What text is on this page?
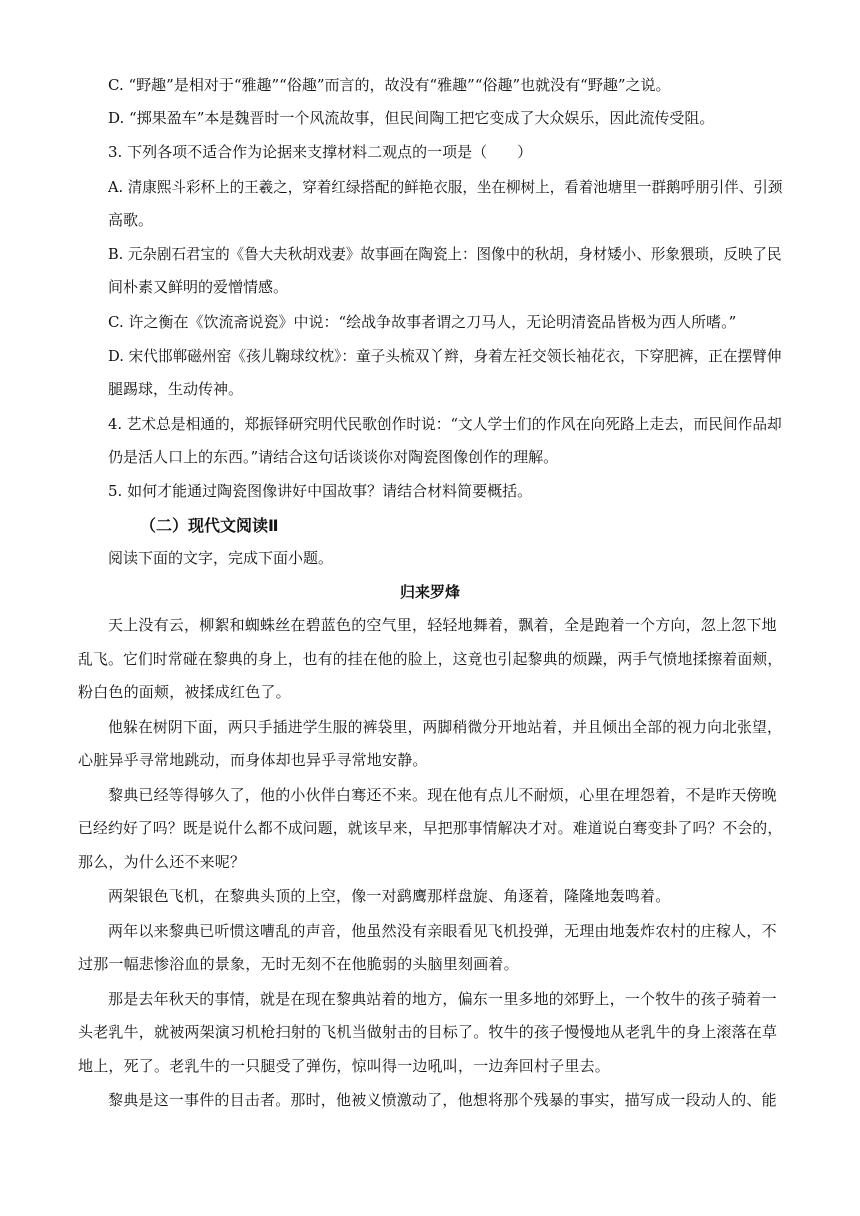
C. “野趣”是相对于“雅趣”“俗趣”而言的，故没有“雅趣”“俗趣”也就没有“野趣”之说。
D. “掷果盈车”本是魏晋时一个风流故事，但民间陶工把它变成了大众娱乐，因此流传受阻。
3. 下列各项不适合作为论据来支撑材料二观点的一项是（　　）
A. 清康熙斗彩杯上的王羲之，穿着红绿搭配的鲜艳衣服，坐在柳树上，看着池塘里一群鹅呼朋引伴、引颈
高歌。
B. 元杂剧石君宝的《鲁大夫秋胡戏妻》故事画在陶瓷上：图像中的秋胡，身材矮小、形象猥琐，反映了民
间朴素又鲜明的爱憎情感。
C. 许之衡在《饮流斋说瓷》中说：“绘战争故事者谓之刀马人，无论明清瓷品皆极为西人所嗜。”
D. 宋代邯郸磁州窑《孩儿鞠球纹枕》：童子头梳双丫辫，身着左衽交领长袖花衣，下穿肥裤，正在摆臂伸
腿踢球，生动传神。
4. 艺术总是相通的，郑振铎研究明代民歌创作时说：“文人学士们的作风在向死路上走去，而民间作品却
仍是活人口上的东西。”请结合这句话谈谈你对陶瓷图像创作的理解。
5. 如何才能通过陶瓷图像讲好中国故事？请结合材料简要概括。
（二）现代文阅读Ⅱ
阅读下面的文字，完成下面小题。
归来罗烽
天上没有云，柳絮和蜘蛛丝在碧蓝色的空气里，轻轻地舞着，飘着，全是跑着一个方向，忽上忽下地
乱飞。它们时常碰在黎典的身上，也有的挂在他的脸上，这竟也引起黎典的烦躁，两手气愤地揉擦着面颊，
粉白色的面颊，被揉成红色了。
他躲在树阴下面，两只手插进学生服的裤袋里，两脚稍微分开地站着，并且倾出全部的视力向北张望，
心脏异乎寻常地跳动，而身体却也异乎寻常地安静。
黎典已经等得够久了，他的小伙伴白骞还不来。现在他有点儿不耐烦，心里在埋怨着，不是昨天傍晚
已经约好了吗？既是说什么都不成问题，就该早来，早把那事情解决才对。难道说白骞变卦了吗？不会的，
那么，为什么还不来呢？
两架银色飞机，在黎典头顶的上空，像一对鹞鹰那样盘旋、角逐着，隆隆地轰鸣着。
两年以来黎典已听惯这嘈乱的声音，他虽然没有亲眼看见飞机投弹，无理由地轰炸农村的庄稼人，不
过那一幅悲惨浴血的景象，无时无刻不在他脆弱的头脑里刻画着。
那是去年秋天的事情，就是在现在黎典站着的地方，偏东一里多地的郊野上，一个牧牛的孩子骑着一
头老乳牛，就被两架演习机枪扫射的飞机当做射击的目标了。牧牛的孩子慢慢地从老乳牛的身上滚落在草
地上，死了。老乳牛的一只腿受了弹伤，惊叫得一边吼叫，一边奔回村子里去。
黎典是这一事件的目击者。那时，他被义愤激动了，他想将那个残暴的事实，描写成一段动人的、能
